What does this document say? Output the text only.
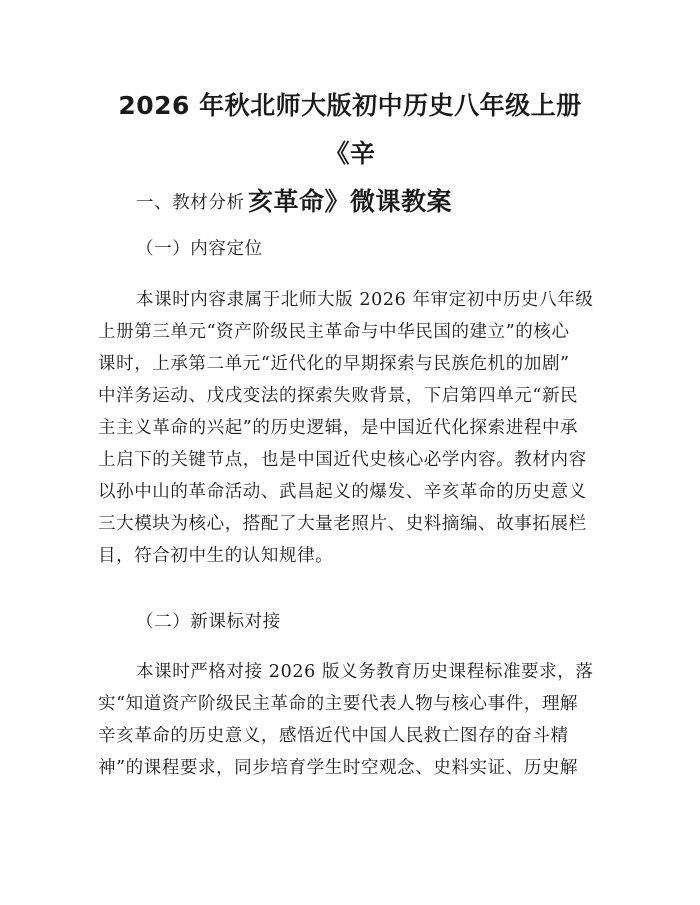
2026 年秋北师大版初中历史八年级上册《辛
亥革命》微课教案
一、教材分析
（一）内容定位
本课时内容隶属于北师大版 2026 年审定初中历史八年级
上册第三单元“资产阶级民主革命与中华民国的建立”的核心
课时，上承第二单元“近代化的早期探索与民族危机的加剧”
中洋务运动、戊戌变法的探索失败背景，下启第四单元“新民
主主义革命的兴起”的历史逻辑，是中国近代化探索进程中承
上启下的关键节点，也是中国近代史核心必学内容。教材内容
以孙中山的革命活动、武昌起义的爆发、辛亥革命的历史意义
三大模块为核心，搭配了大量老照片、史料摘编、故事拓展栏
目，符合初中生的认知规律。
（二）新课标对接
本课时严格对接 2026 版义务教育历史课程标准要求，落
实“知道资产阶级民主革命的主要代表人物与核心事件，理解
辛亥革命的历史意义，感悟近代中国人民救亡图存的奋斗精
神”的课程要求，同步培育学生时空观念、史料实证、历史解
